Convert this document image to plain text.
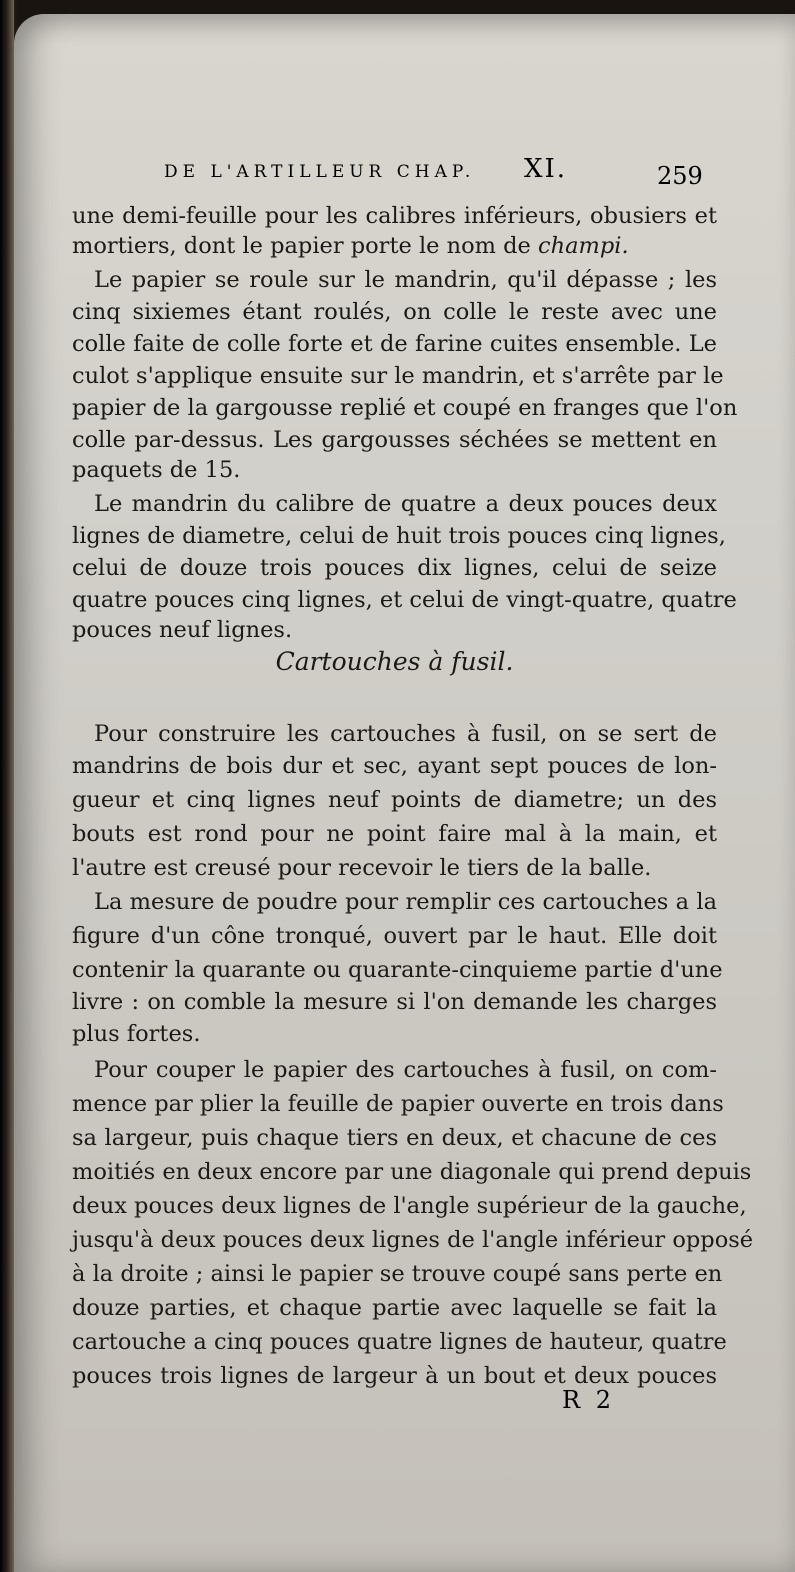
DE L'ARTILLEUR CHAP. XI.	259
une demi-feuille pour les calibres inférieurs, obusiers et
mortiers, dont le papier porte le nom de champi.
Le papier se roule sur le mandrin, qu'il dépasse ; les
cinq sixiemes étant roulés, on colle le reste avec une
colle faite de colle forte et de farine cuites ensemble. Le
culot s'applique ensuite sur le mandrin, et s'arrête par le
papier de la gargousse replié et coupé en franges que l'on
colle par-dessus. Les gargousses séchées se mettent en
paquets de 15.
Le mandrin du calibre de quatre a deux pouces deux
lignes de diametre, celui de huit trois pouces cinq lignes,
celui de douze trois pouces dix lignes, celui de seize
quatre pouces cinq lignes, et celui de vingt-quatre, quatre
pouces neuf lignes.
Cartouches à fusil.
Pour construire les cartouches à fusil, on se sert de
mandrins de bois dur et sec, ayant sept pouces de lon-
gueur et cinq lignes neuf points de diametre; un des
bouts est rond pour ne point faire mal à la main, et
l'autre est creusé pour recevoir le tiers de la balle.
La mesure de poudre pour remplir ces cartouches a la
figure d'un cône tronqué, ouvert par le haut. Elle doit
contenir la quarante ou quarante-cinquieme partie d'une
livre : on comble la mesure si l'on demande les charges
plus fortes.
Pour couper le papier des cartouches à fusil, on com-
mence par plier la feuille de papier ouverte en trois dans
sa largeur, puis chaque tiers en deux, et chacune de ces
moitiés en deux encore par une diagonale qui prend depuis
deux pouces deux lignes de l'angle supérieur de la gauche,
jusqu'à deux pouces deux lignes de l'angle inférieur opposé
à la droite ; ainsi le papier se trouve coupé sans perte en
douze parties, et chaque partie avec laquelle se fait la
cartouche a cinq pouces quatre lignes de hauteur, quatre
pouces trois lignes de largeur à un bout et deux pouces
R 2
